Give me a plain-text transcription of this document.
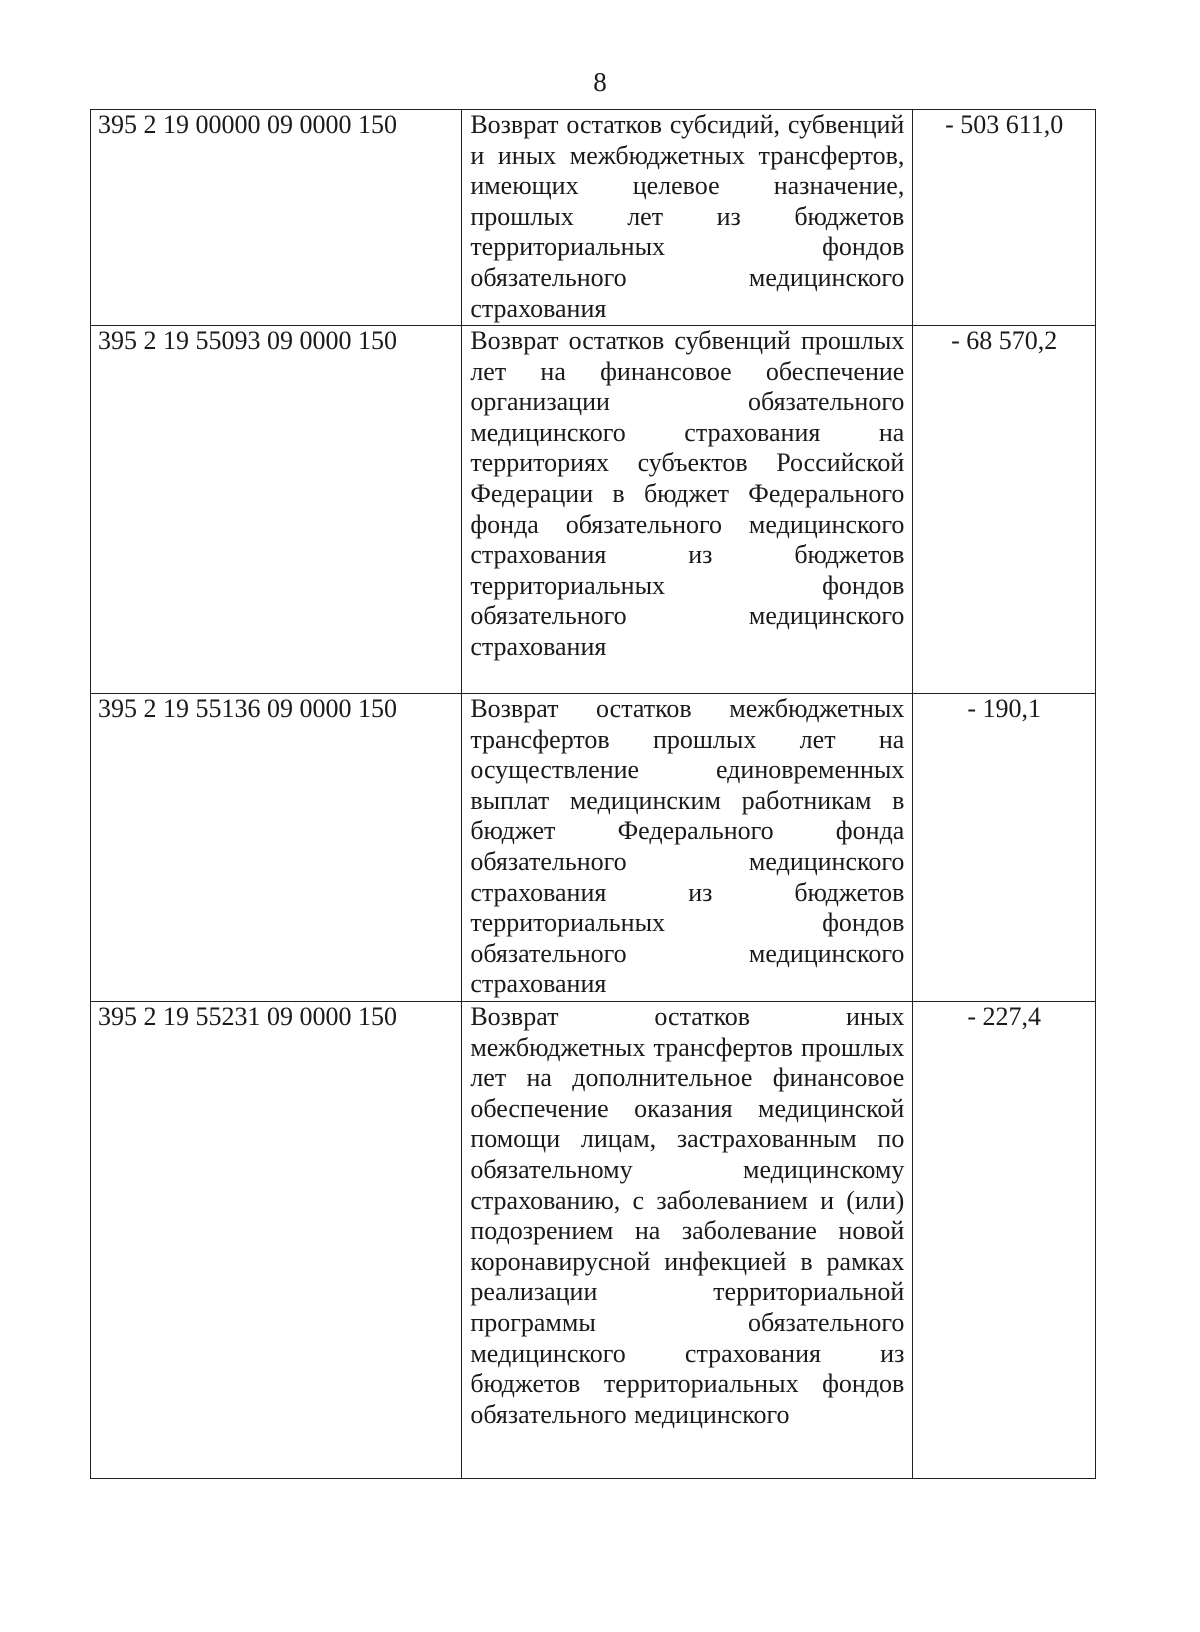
8
395 2 19 00000 09 0000 150	Возврат остатков субсидий, субвенций и иных межбюджетных трансфертов, имеющих целевое назначение, прошлых лет из бюджетов территориальных фондов обязательного медицинского страхования	- 503 611,0
395 2 19 55093 09 0000 150	Возврат остатков субвенций прошлых лет на финансовое обеспечение организации обязательного медицинского страхования на территориях субъектов Российской Федерации в бюджет Федерального фонда обязательного медицинского страхования из бюджетов территориальных фондов обязательного медицинского страхования	- 68 570,2
395 2 19 55136 09 0000 150	Возврат остатков межбюджетных трансфертов прошлых лет на осуществление единовременных выплат медицинским работникам в бюджет Федерального фонда обязательного медицинского страхования из бюджетов территориальных фондов обязательного медицинского страхования	- 190,1
395 2 19 55231 09 0000 150	Возврат остатков иных межбюджетных трансфертов прошлых лет на дополнительное финансовое обеспечение оказания медицинской помощи лицам, застрахованным по обязательному медицинскому страхованию, с заболеванием и (или) подозрением на заболевание новой коронавирусной инфекцией в рамках реализации территориальной программы обязательного медицинского страхования из бюджетов территориальных фондов обязательного медицинского	- 227,4
